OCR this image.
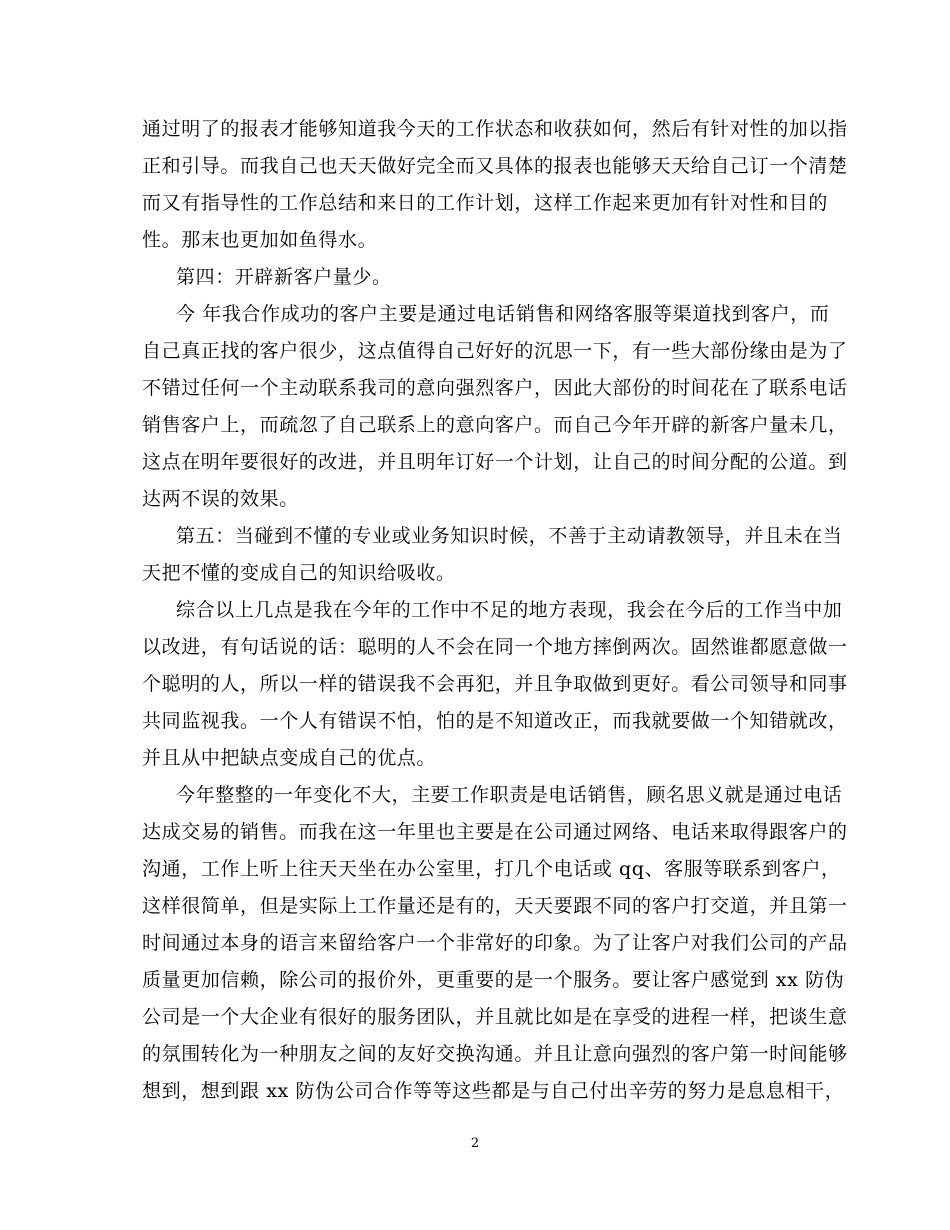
通过明了的报表才能够知道我今天的工作状态和收获如何，然后有针对性的加以指
正和引导。而我自己也天天做好完全而又具体的报表也能够天天给自己订一个清楚
而又有指导性的工作总结和来日的工作计划，这样工作起来更加有针对性和目的
性。那末也更加如鱼得水。
第四：开辟新客户量少。
今 年我合作成功的客户主要是通过电话销售和网络客服等渠道找到客户，而
自己真正找的客户很少，这点值得自己好好的沉思一下，有一些大部份缘由是为了
不错过任何一个主动联系我司的意向强烈客户，因此大部份的时间花在了联系电话
销售客户上，而疏忽了自己联系上的意向客户。而自己今年开辟的新客户量未几，
这点在明年要很好的改进，并且明年订好一个计划，让自己的时间分配的公道。到
达两不误的效果。
第五：当碰到不懂的专业或业务知识时候，不善于主动请教领导，并且未在当
天把不懂的变成自己的知识给吸收。
综合以上几点是我在今年的工作中不足的地方表现，我会在今后的工作当中加
以改进，有句话说的话：聪明的人不会在同一个地方摔倒两次。固然谁都愿意做一
个聪明的人，所以一样的错误我不会再犯，并且争取做到更好。看公司领导和同事
共同监视我。一个人有错误不怕，怕的是不知道改正，而我就要做一个知错就改，
并且从中把缺点变成自己的优点。
今年整整的一年变化不大，主要工作职责是电话销售，顾名思义就是通过电话
达成交易的销售。而我在这一年里也主要是在公司通过网络、电话来取得跟客户的
沟通，工作上听上往天天坐在办公室里，打几个电话或 qq、客服等联系到客户，
这样很简单，但是实际上工作量还是有的，天天要跟不同的客户打交道，并且第一
时间通过本身的语言来留给客户一个非常好的印象。为了让客户对我们公司的产品
质量更加信赖，除公司的报价外，更重要的是一个服务。要让客户感觉到 xx 防伪
公司是一个大企业有很好的服务团队，并且就比如是在享受的进程一样，把谈生意
的氛围转化为一种朋友之间的友好交换沟通。并且让意向强烈的客户第一时间能够
想到，想到跟 xx 防伪公司合作等等这些都是与自己付出辛劳的努力是息息相干，
2
